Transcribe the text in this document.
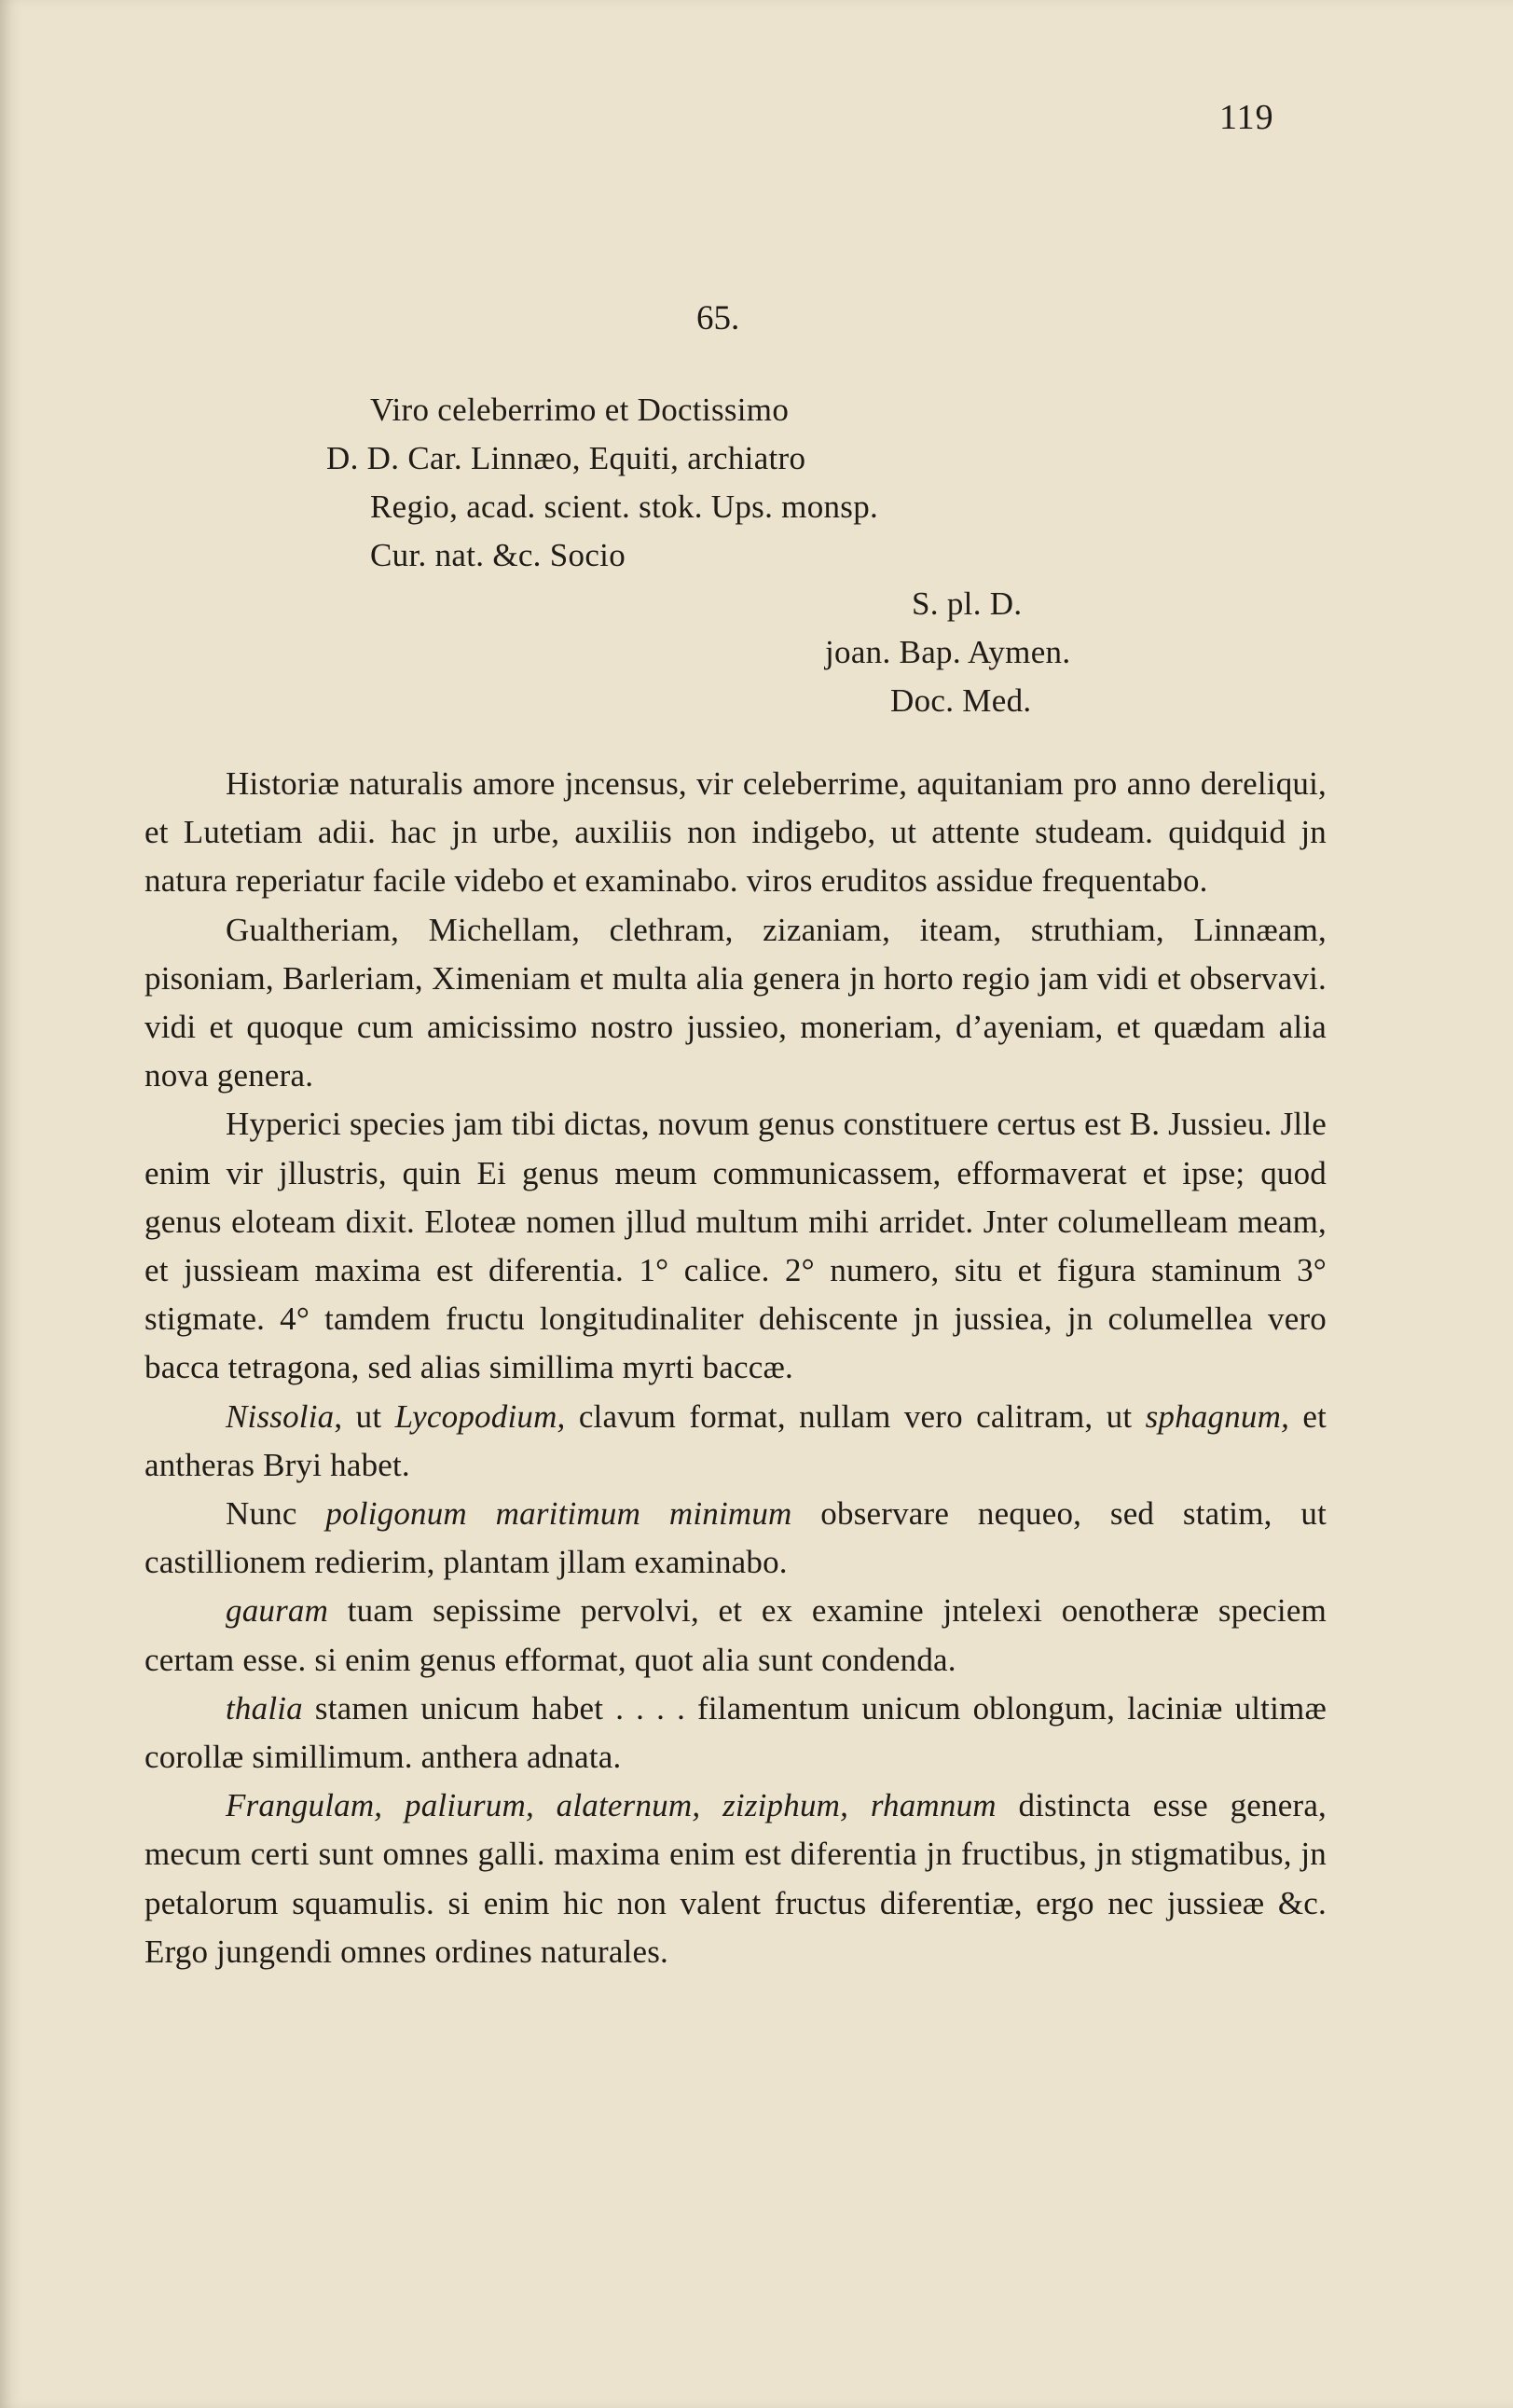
119
65.
Viro celeberrimo et Doctissimo
D. D. Car. Linnæo, Equiti, archiatro
Regio, acad. scient. stok. Ups. monsp.
Cur. nat. &c. Socio
S. pl. D.
joan. Bap. Aymen.
Doc. Med.

Historiæ naturalis amore jncensus, vir celeberrime, aquitaniam pro anno dereliqui, et Lutetiam adii. hac jn urbe, auxiliis non indigebo, ut attente studeam. quidquid jn natura reperiatur facile videbo et examinabo. viros eruditos assidue frequentabo.

Gualtheriam, Michellam, clethram, zizaniam, iteam, struthiam, Linnæam, pisoniam, Barleriam, Ximeniam et multa alia genera jn horto regio jam vidi et observavi. vidi et quoque cum amicissimo nostro jussieo, moneriam, d’ayeniam, et quædam alia nova genera.

Hyperici species jam tibi dictas, novum genus constituere certus est B. Jussieu. Jlle enim vir jllustris, quin Ei genus meum communicassem, efformaverat et ipse; quod genus eloteam dixit. Eloteæ nomen jllud multum mihi arridet. Jnter columelleam meam, et jussieam maxima est diferentia. 1° calice. 2° numero, situ et figura staminum 3° stigmate. 4° tamdem fructu longitudinaliter dehiscente jn jussiea, jn columellea vero bacca tetragona, sed alias simillima myrti baccæ.

Nissolia, ut Lycopodium, clavum format, nullam vero calitram, ut sphagnum, et antheras Bryi habet.

Nunc poligonum maritimum minimum observare nequeo, sed statim, ut castillionem redierim, plantam jllam examinabo.

gauram tuam sepissime pervolvi, et ex examine jntelexi oenotheræ speciem certam esse. si enim genus efformat, quot alia sunt condenda.

thalia stamen unicum habet . . . . filamentum unicum oblongum, laciniæ ultimæ corollæ simillimum. anthera adnata.

Frangulam, paliurum, alaternum, ziziphum, rhamnum distincta esse genera, mecum certi sunt omnes galli. maxima enim est diferentia jn fructibus, jn stigmatibus, jn petalorum squamulis. si enim hic non valent fructus diferentiæ, ergo nec jussieæ &c. Ergo jungendi omnes ordines naturales.
